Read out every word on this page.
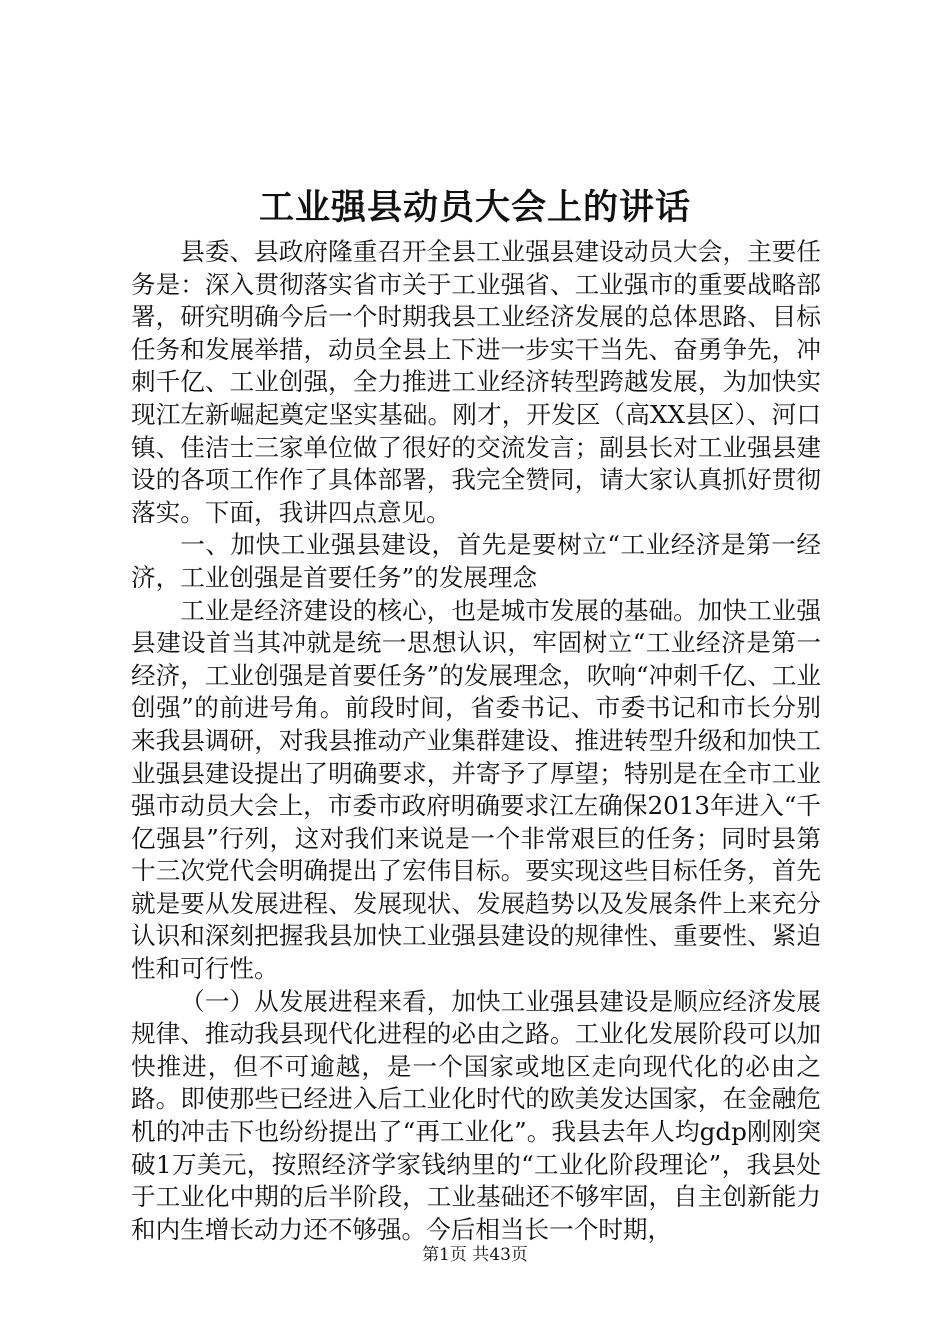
工业强县动员大会上的讲话

县委、县政府隆重召开全县工业强县建设动员大会，主要任务是：深入贯彻落实省市关于工业强省、工业强市的重要战略部署，研究明确今后一个时期我县工业经济发展的总体思路、目标任务和发展举措，动员全县上下进一步实干当先、奋勇争先，冲刺千亿、工业创强，全力推进工业经济转型跨越发展，为加快实现江左新崛起奠定坚实基础。刚才，开发区（高XX县区）、河口镇、佳洁士三家单位做了很好的交流发言；副县长对工业强县建设的各项工作作了具体部署，我完全赞同，请大家认真抓好贯彻落实。下面，我讲四点意见。

一、加快工业强县建设，首先是要树立“工业经济是第一经济，工业创强是首要任务”的发展理念

工业是经济建设的核心，也是城市发展的基础。加快工业强县建设首当其冲就是统一思想认识，牢固树立“工业经济是第一经济，工业创强是首要任务”的发展理念，吹响“冲刺千亿、工业创强”的前进号角。前段时间，省委书记、市委书记和市长分别来我县调研，对我县推动产业集群建设、推进转型升级和加快工业强县建设提出了明确要求，并寄予了厚望；特别是在全市工业强市动员大会上，市委市政府明确要求江左确保2013年进入“千亿强县”行列，这对我们来说是一个非常艰巨的任务；同时县第十三次党代会明确提出了宏伟目标。要实现这些目标任务，首先就是要从发展进程、发展现状、发展趋势以及发展条件上来充分认识和深刻把握我县加快工业强县建设的规律性、重要性、紧迫性和可行性。

（一）从发展进程来看，加快工业强县建设是顺应经济发展规律、推动我县现代化进程的必由之路。工业化发展阶段可以加快推进，但不可逾越，是一个国家或地区走向现代化的必由之路。即使那些已经进入后工业化时代的欧美发达国家，在金融危机的冲击下也纷纷提出了“再工业化”。我县去年人均gdp刚刚突破1万美元，按照经济学家钱纳里的“工业化阶段理论”，我县处于工业化中期的后半阶段，工业基础还不够牢固，自主创新能力和内生增长动力还不够强。今后相当长一个时期，

第1页 共43页
